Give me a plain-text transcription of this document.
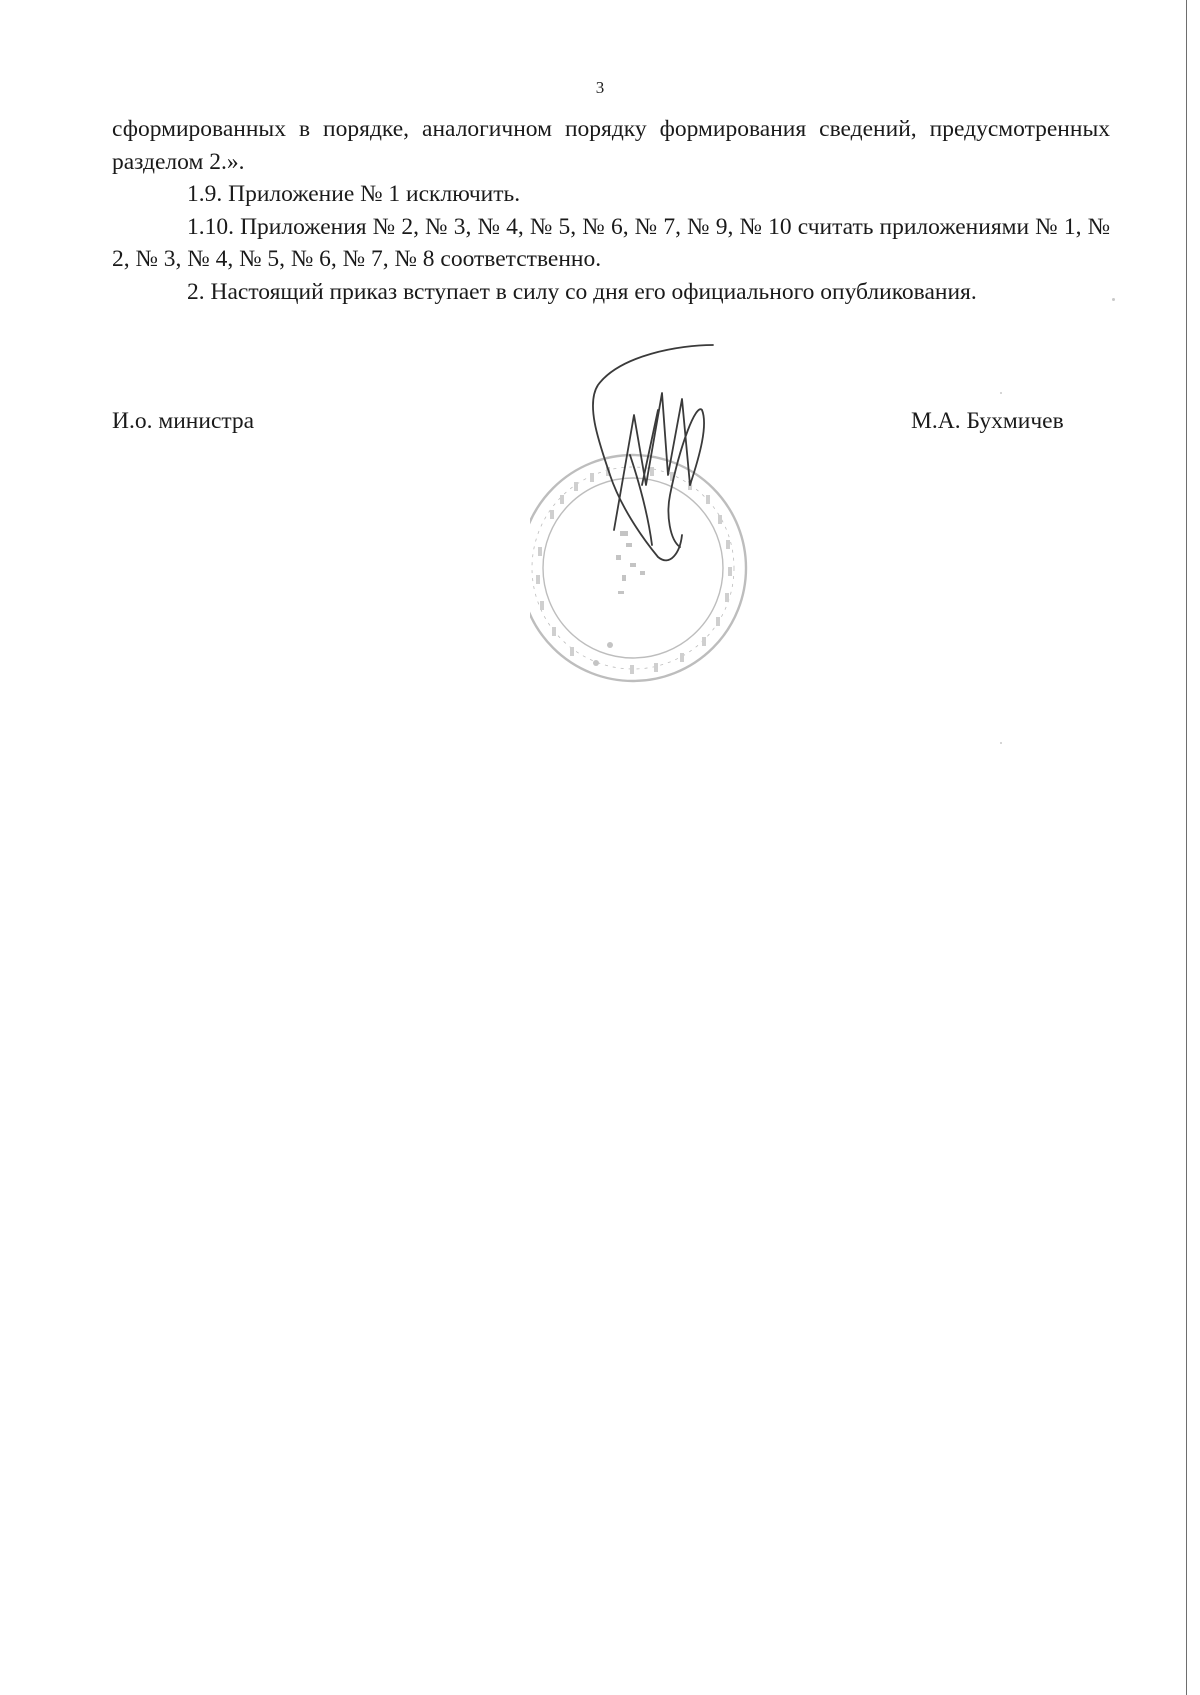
3

сформированных в порядке, аналогичном порядку формирования сведений, предусмотренных разделом 2.».

1.9. Приложение № 1 исключить.

1.10. Приложения № 2, № 3, № 4, № 5, № 6, № 7, № 9, № 10 считать приложениями № 1, № 2, № 3, № 4, № 5, № 6, № 7, № 8 соответственно.

2. Настоящий приказ вступает в силу со дня его официального опубликования.

И.о. министра	М.А. Бухмичев
